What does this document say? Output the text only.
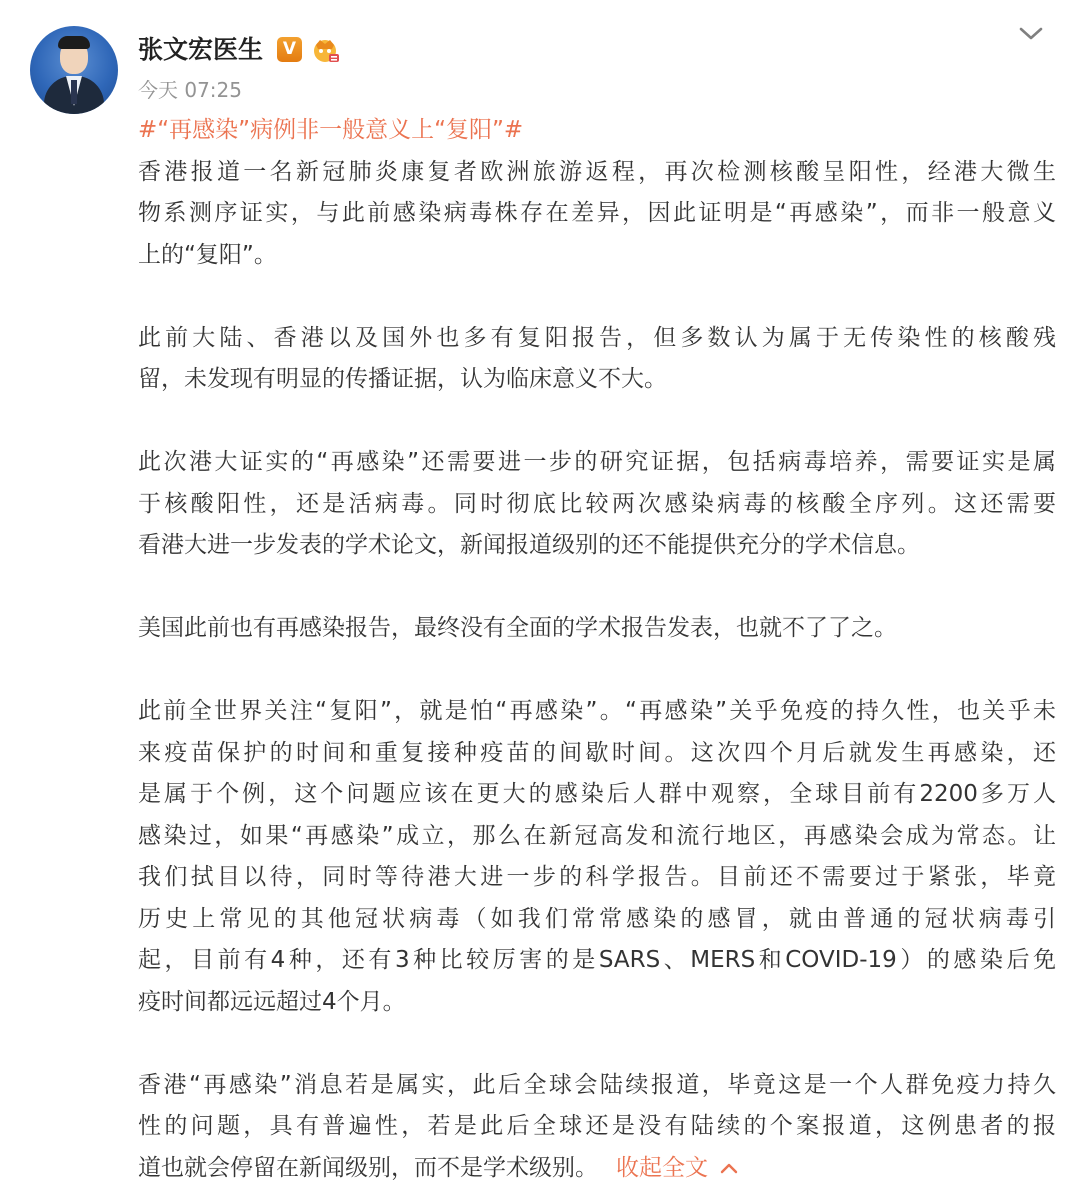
张文宏医生	V
今天 07:25
#“再感染”病例非一般意义上“复阳”#

香港报道一名新冠肺炎康复者欧洲旅游返程，再次检测核酸呈阳性，经港大微生
物系测序证实，与此前感染病毒株存在差异，因此证明是“再感染”，而非一般意义
上的“复阳”。

此前大陆、香港以及国外也多有复阳报告，但多数认为属于无传染性的核酸残
留，未发现有明显的传播证据，认为临床意义不大。

此次港大证实的“再感染”还需要进一步的研究证据，包括病毒培养，需要证实是属
于核酸阳性，还是活病毒。同时彻底比较两次感染病毒的核酸全序列。这还需要
看港大进一步发表的学术论文，新闻报道级别的还不能提供充分的学术信息。

美国此前也有再感染报告，最终没有全面的学术报告发表，也就不了了之。

此前全世界关注“复阳”，就是怕“再感染”。“再感染”关乎免疫的持久性，也关乎未
来疫苗保护的时间和重复接种疫苗的间歇时间。这次四个月后就发生再感染，还
是属于个例，这个问题应该在更大的感染后人群中观察，全球目前有2200多万人
感染过，如果“再感染”成立，那么在新冠高发和流行地区，再感染会成为常态。让
我们拭目以待，同时等待港大进一步的科学报告。目前还不需要过于紧张，毕竟
历史上常见的其他冠状病毒（如我们常常感染的感冒，就由普通的冠状病毒引
起，目前有4种，还有3种比较厉害的是SARS、MERS和COVID-19）的感染后免
疫时间都远远超过4个月。

香港“再感染”消息若是属实，此后全球会陆续报道，毕竟这是一个人群免疫力持久
性的问题，具有普遍性，若是此后全球还是没有陆续的个案报道，这例患者的报
道也就会停留在新闻级别，而不是学术级别。 收起全文
